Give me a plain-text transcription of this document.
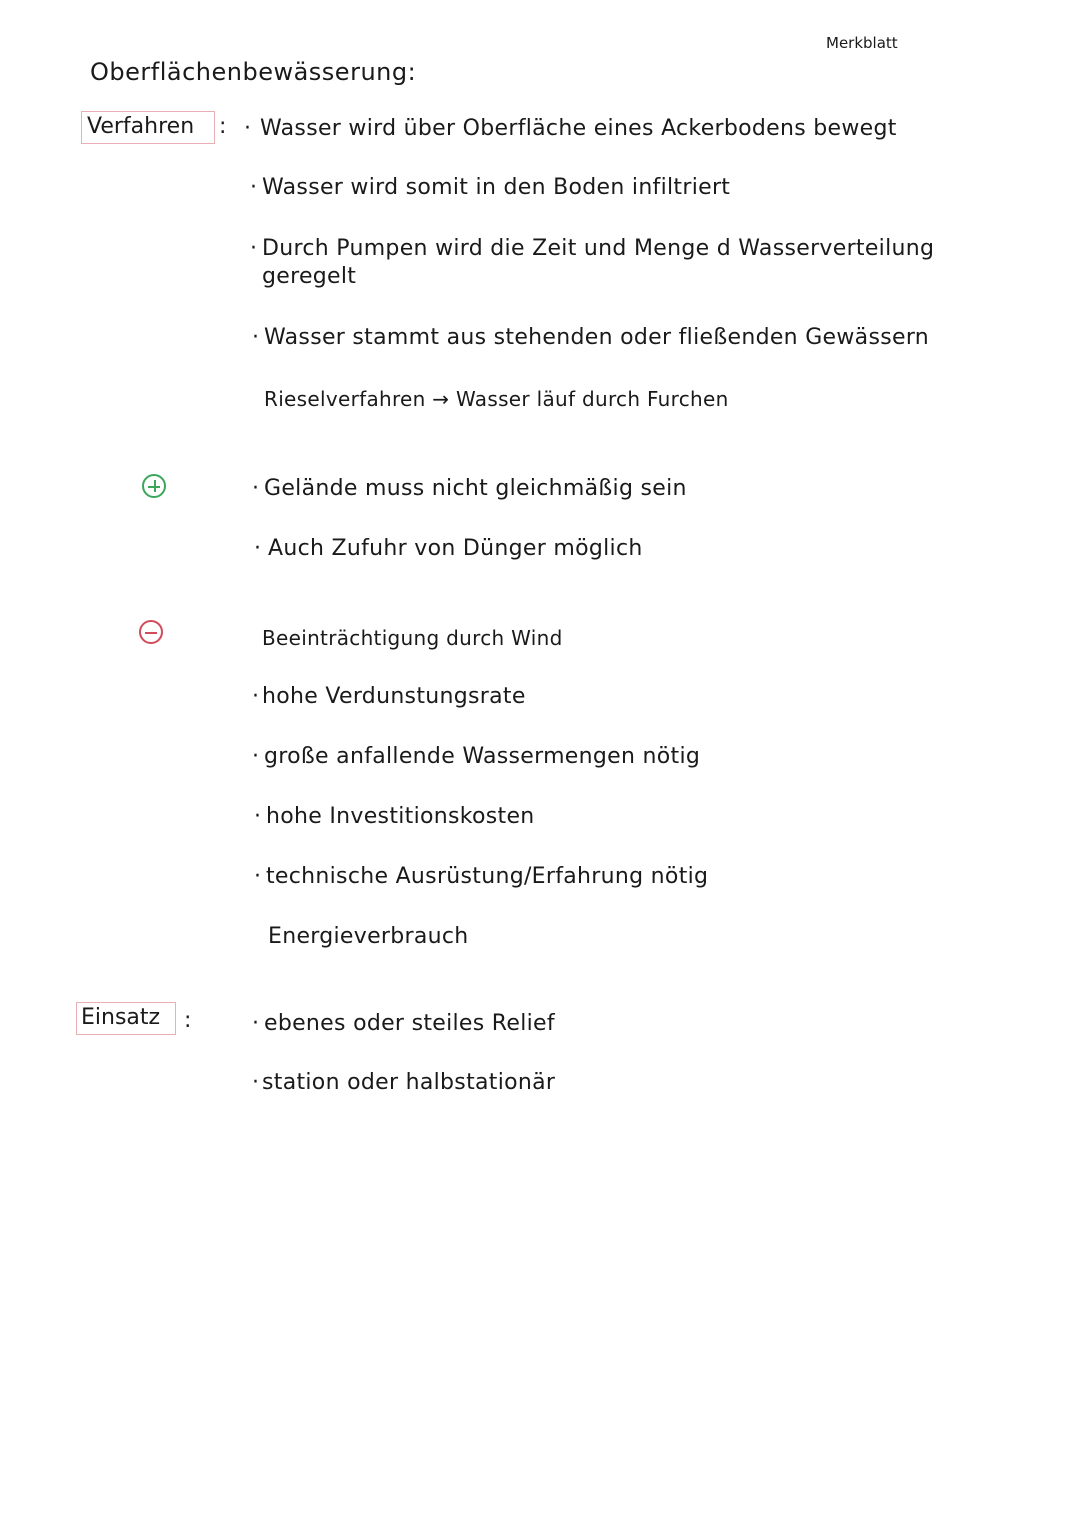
Merkblatt
Oberflächenbewässerung:
Verfahren : · Wasser wird über Oberfläche eines Ackerbodens bewegt
· Wasser wird somit in den Boden infiltriert
· Durch Pumpen wird die Zeit und Menge d Wasserverteilung
geregelt
· Wasser stammt aus stehenden oder fließenden Gewässern
Rieselverfahren → Wasser läuf durch Furchen
· Gelände muss nicht gleichmäßig sein
· Auch Zufuhr von Dünger möglich
Beeinträchtigung durch Wind
· hohe Verdunstungsrate
· große anfallende Wassermengen nötig
· hohe Investitionskosten
· technische Ausrüstung/Erfahrung nötig
Energieverbrauch
Einsatz :	· ebenes oder steiles Relief
· station oder halbstationär
